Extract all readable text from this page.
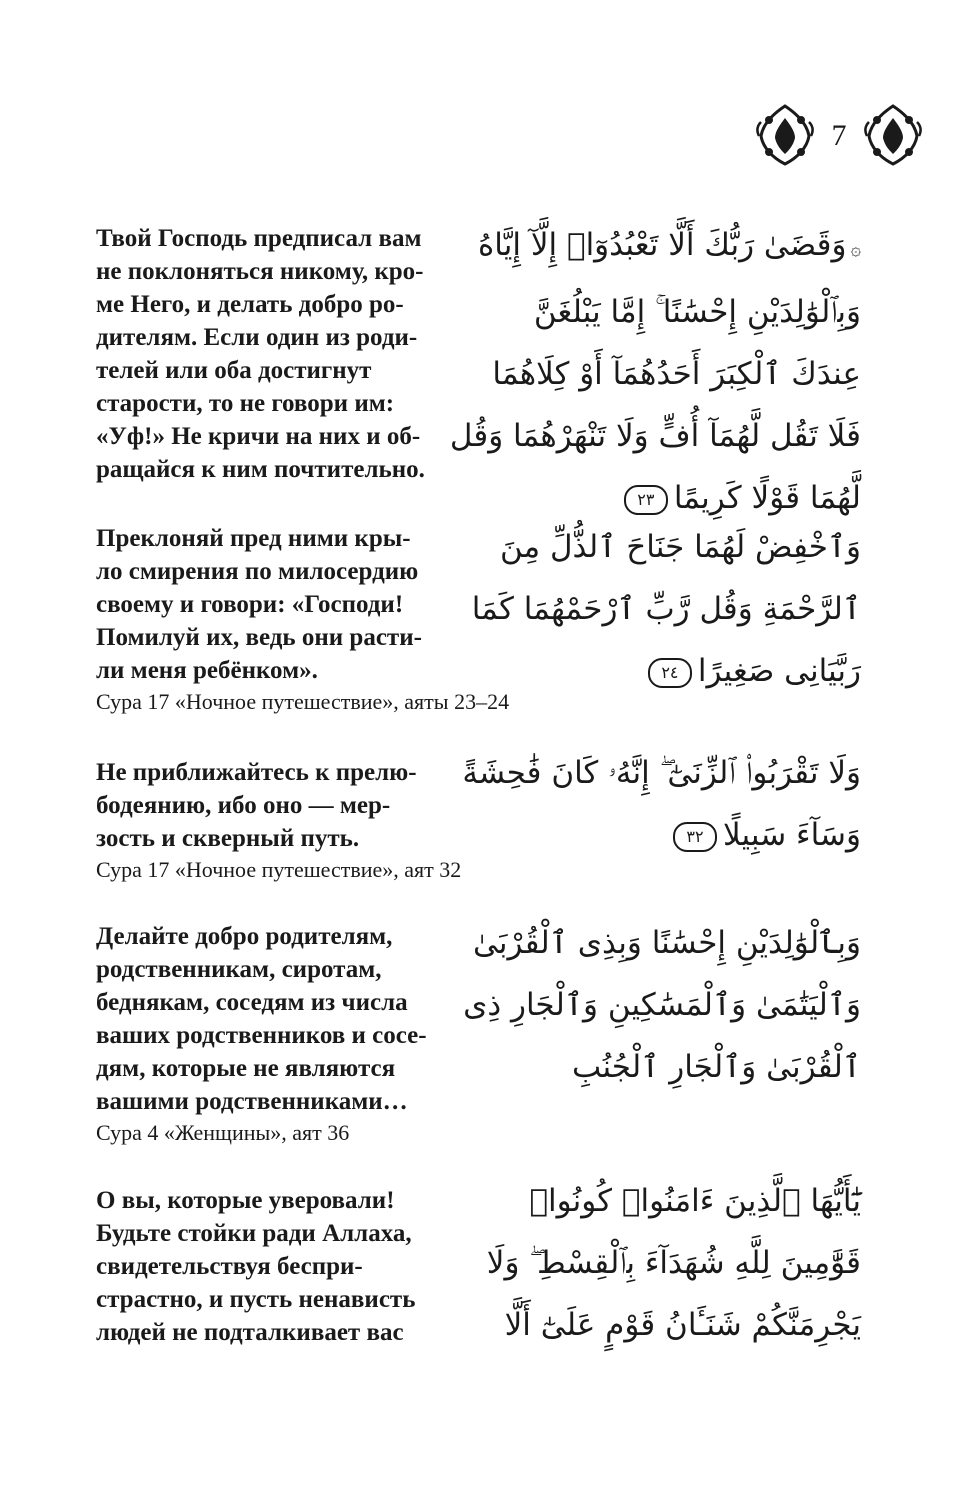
7
Твой Господь предписал вам
не поклоняться никому, кро-
ме Него, и делать добро ро-
дителям. Если один из роди-
телей или оба достигнут
старости, то не говори им:
«Уф!» Не кричи на них и об-
ращайся к ним почтительно.
۞وَقَضَىٰ رَبُّكَ أَلَّا تَعْبُدُوٓا۟ إِلَّآ إِيَّاهُ
وَبِٱلْوَٰلِدَيْنِ إِحْسَٰنًا ۚ إِمَّا يَبْلُغَنَّ
عِندَكَ ٱلْكِبَرَ أَحَدُهُمَآ أَوْ كِلَاهُمَا
فَلَا تَقُل لَّهُمَآ أُفٍّ وَلَا تَنْهَرْهُمَا وَقُل
لَّهُمَا قَوْلًا كَرِيمًا٢٣
Преклоняй пред ними кры-
ло смирения по милосердию
своему и говори: «Господи!
Помилуй их, ведь они расти-
ли меня ребёнком».
Сура 17 «Ночное путешествие», аяты 23–24
وَٱخْفِضْ لَهُمَا جَنَاحَ ٱلذُّلِّ مِنَ
ٱلرَّحْمَةِ وَقُل رَّبِّ ٱرْحَمْهُمَا كَمَا
رَبَّيَانِى صَغِيرًا٢٤
Не приближайтесь к прелю-
бодеянию, ибо оно — мер-
зость и скверный путь.
Сура 17 «Ночное путешествие», аят 32
وَلَا تَقْرَبُوا۟ ٱلزِّنَىٰٓ ۖ إِنَّهُۥ كَانَ فَٰحِشَةً
وَسَآءَ سَبِيلًا٣٢
Делайте добро родителям,
родственникам, сиротам,
беднякам, соседям из числа
ваших родственников и сосе-
дям, которые не являются
вашими родственниками…
Сура 4 «Женщины», аят 36
وَبِٱلْوَٰلِدَيْنِ إِحْسَٰنًا وَبِذِى ٱلْقُرْبَىٰ
وَٱلْيَتَٰمَىٰ وَٱلْمَسَٰكِينِ وَٱلْجَارِ ذِى
ٱلْقُرْبَىٰ وَٱلْجَارِ ٱلْجُنُبِ
О вы, которые уверовали!
Будьте стойки ради Аллаха,
свидетельствуя беспри-
страстно, и пусть ненависть
людей не подталкивает вас
يَٰٓأَيُّهَا ٱلَّذِينَ ءَامَنُوا۟ كُونُوا۟
قَوَّٰمِينَ لِلَّهِ شُهَدَآءَ بِٱلْقِسْطِ ۖ وَلَا
يَجْرِمَنَّكُمْ شَنَـَٔانُ قَوْمٍ عَلَىٰٓ أَلَّا
